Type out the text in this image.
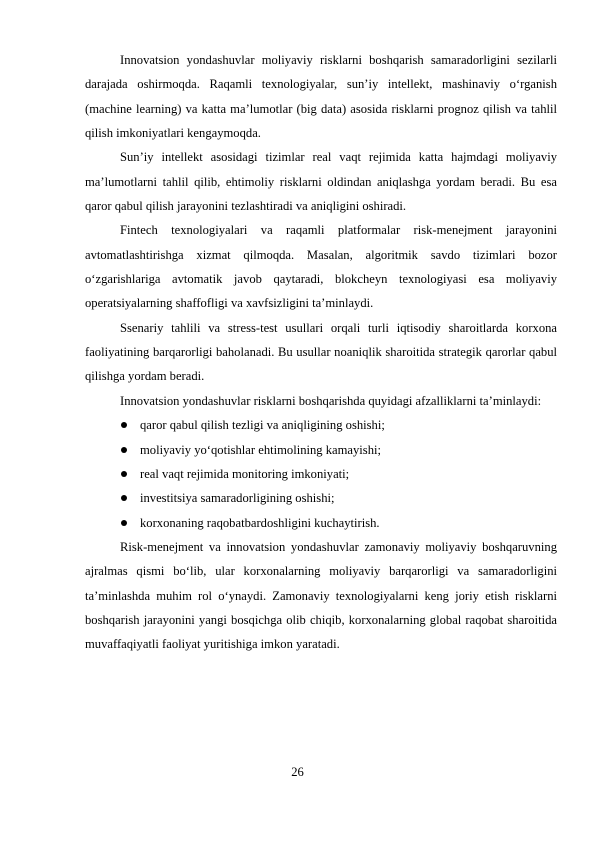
Innovatsion yondashuvlar moliyaviy risklarni boshqarish samaradorligini sezilarli darajada oshirmoqda. Raqamli texnologiyalar, sun’iy intellekt, mashinaviy o‘rganish (machine learning) va katta ma’lumotlar (big data) asosida risklarni prognoz qilish va tahlil qilish imkoniyatlari kengaymoqda.

Sun’iy intellekt asosidagi tizimlar real vaqt rejimida katta hajmdagi moliyaviy ma’lumotlarni tahlil qilib, ehtimoliy risklarni oldindan aniqlashga yordam beradi. Bu esa qaror qabul qilish jarayonini tezlashtiradi va aniqligini oshiradi.

Fintech texnologiyalari va raqamli platformalar risk-menejment jarayonini avtomatlashtirishga xizmat qilmoqda. Masalan, algoritmik savdo tizimlari bozor o‘zgarishlariga avtomatik javob qaytaradi, blokcheyn texnologiyasi esa moliyaviy operatsiyalarning shaffofligi va xavfsizligini ta’minlaydi.

Ssenariy tahlili va stress-test usullari orqali turli iqtisodiy sharoitlarda korxona faoliyatining barqarorligi baholanadi. Bu usullar noaniqlik sharoitida strategik qarorlar qabul qilishga yordam beradi.

Innovatsion yondashuvlar risklarni boshqarishda quyidagi afzalliklarni ta’minlaydi:

qaror qabul qilish tezligi va aniqligining oshishi;
moliyaviy yo‘qotishlar ehtimolining kamayishi;
real vaqt rejimida monitoring imkoniyati;
investitsiya samaradorligining oshishi;
korxonaning raqobatbardoshligini kuchaytirish.

Risk-menejment va innovatsion yondashuvlar zamonaviy moliyaviy boshqaruvning ajralmas qismi bo‘lib, ular korxonalarning moliyaviy barqarorligi va samaradorligini ta’minlashda muhim rol o‘ynaydi. Zamonaviy texnologiyalarni keng joriy etish risklarni boshqarish jarayonini yangi bosqichga olib chiqib, korxonalarning global raqobat sharoitida muvaffaqiyatli faoliyat yuritishiga imkon yaratadi.

26
